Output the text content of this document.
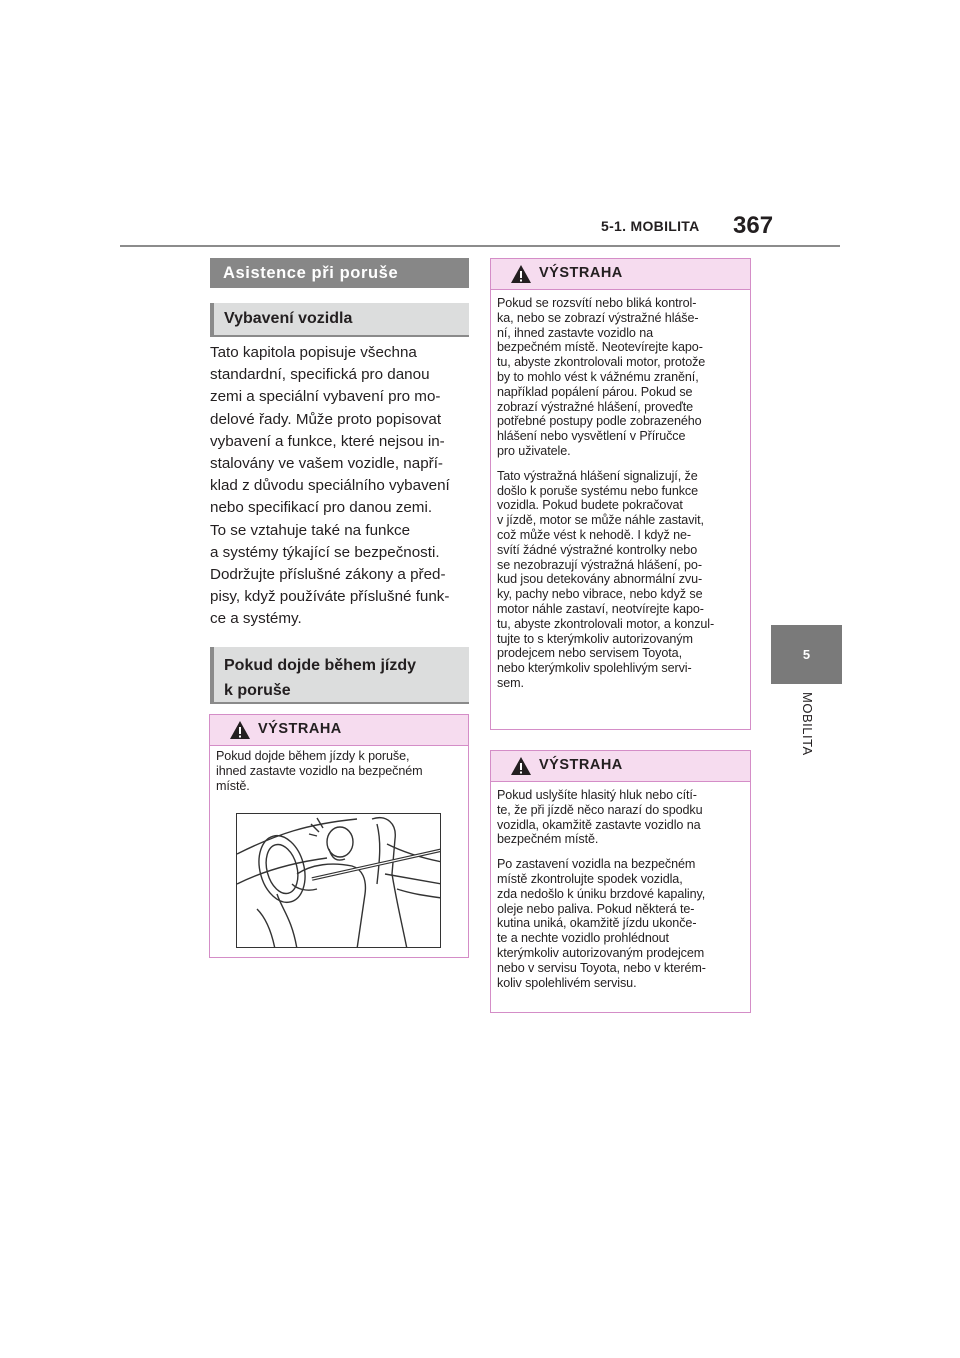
5-1. MOBILITA 367
5
MOBILITA
Asistence při poruše
Vybavení vozidla
Tato kapitola popisuje všechna
standardní, specifická pro danou
zemi a speciální vybavení pro mo-
delové řady. Může proto popisovat
vybavení a funkce, které nejsou in-
stalovány ve vašem vozidle, napří-
klad z důvodu speciálního vybavení
nebo specifikací pro danou zemi.
To se vztahuje také na funkce
a systémy týkající se bezpečnosti.
Dodržujte příslušné zákony a před-
pisy, když používáte příslušné funk-
ce a systémy.
Pokud dojde během jízdy
k poruše
VÝSTRAHA
Pokud dojde během jízdy k poruše,
ihned zastavte vozidlo na bezpečném
místě.
VÝSTRAHA

Pokud se rozsvítí nebo bliká kontrol-
ka, nebo se zobrazí výstražné hláše-
ní, ihned zastavte vozidlo na
bezpečném místě. Neotevírejte kapo-
tu, abyste zkontrolovali motor, protože
by to mohlo vést k vážnému zranění,
například popálení párou. Pokud se
zobrazí výstražné hlášení, proveďte
potřebné postupy podle zobrazeného
hlášení nebo vysvětlení v Příručce
pro uživatele.

Tato výstražná hlášení signalizují, že
došlo k poruše systému nebo funkce
vozidla. Pokud budete pokračovat
v jízdě, motor se může náhle zastavit,
což může vést k nehodě. I když ne-
svítí žádné výstražné kontrolky nebo
se nezobrazují výstražná hlášení, po-
kud jsou detekovány abnormální zvu-
ky, pachy nebo vibrace, nebo když se
motor náhle zastaví, neotvírejte kapo-
tu, abyste zkontrolovali motor, a konzul-
tujte to s kterýmkoliv autorizovaným
prodejcem nebo servisem Toyota,
nebo kterýmkoliv spolehlivým servi-
sem.

VÝSTRAHA

Pokud uslyšíte hlasitý hluk nebo cítí-
te, že při jízdě něco narazí do spodku
vozidla, okamžitě zastavte vozidlo na
bezpečném místě.

Po zastavení vozidla na bezpečném
místě zkontrolujte spodek vozidla,
zda nedošlo k úniku brzdové kapaliny,
oleje nebo paliva. Pokud některá te-
kutina uniká, okamžitě jízdu ukonče-
te a nechte vozidlo prohlédnout
kterýmkoliv autorizovaným prodejcem
nebo v servisu Toyota, nebo v kterém-
koliv spolehlivém servisu.
